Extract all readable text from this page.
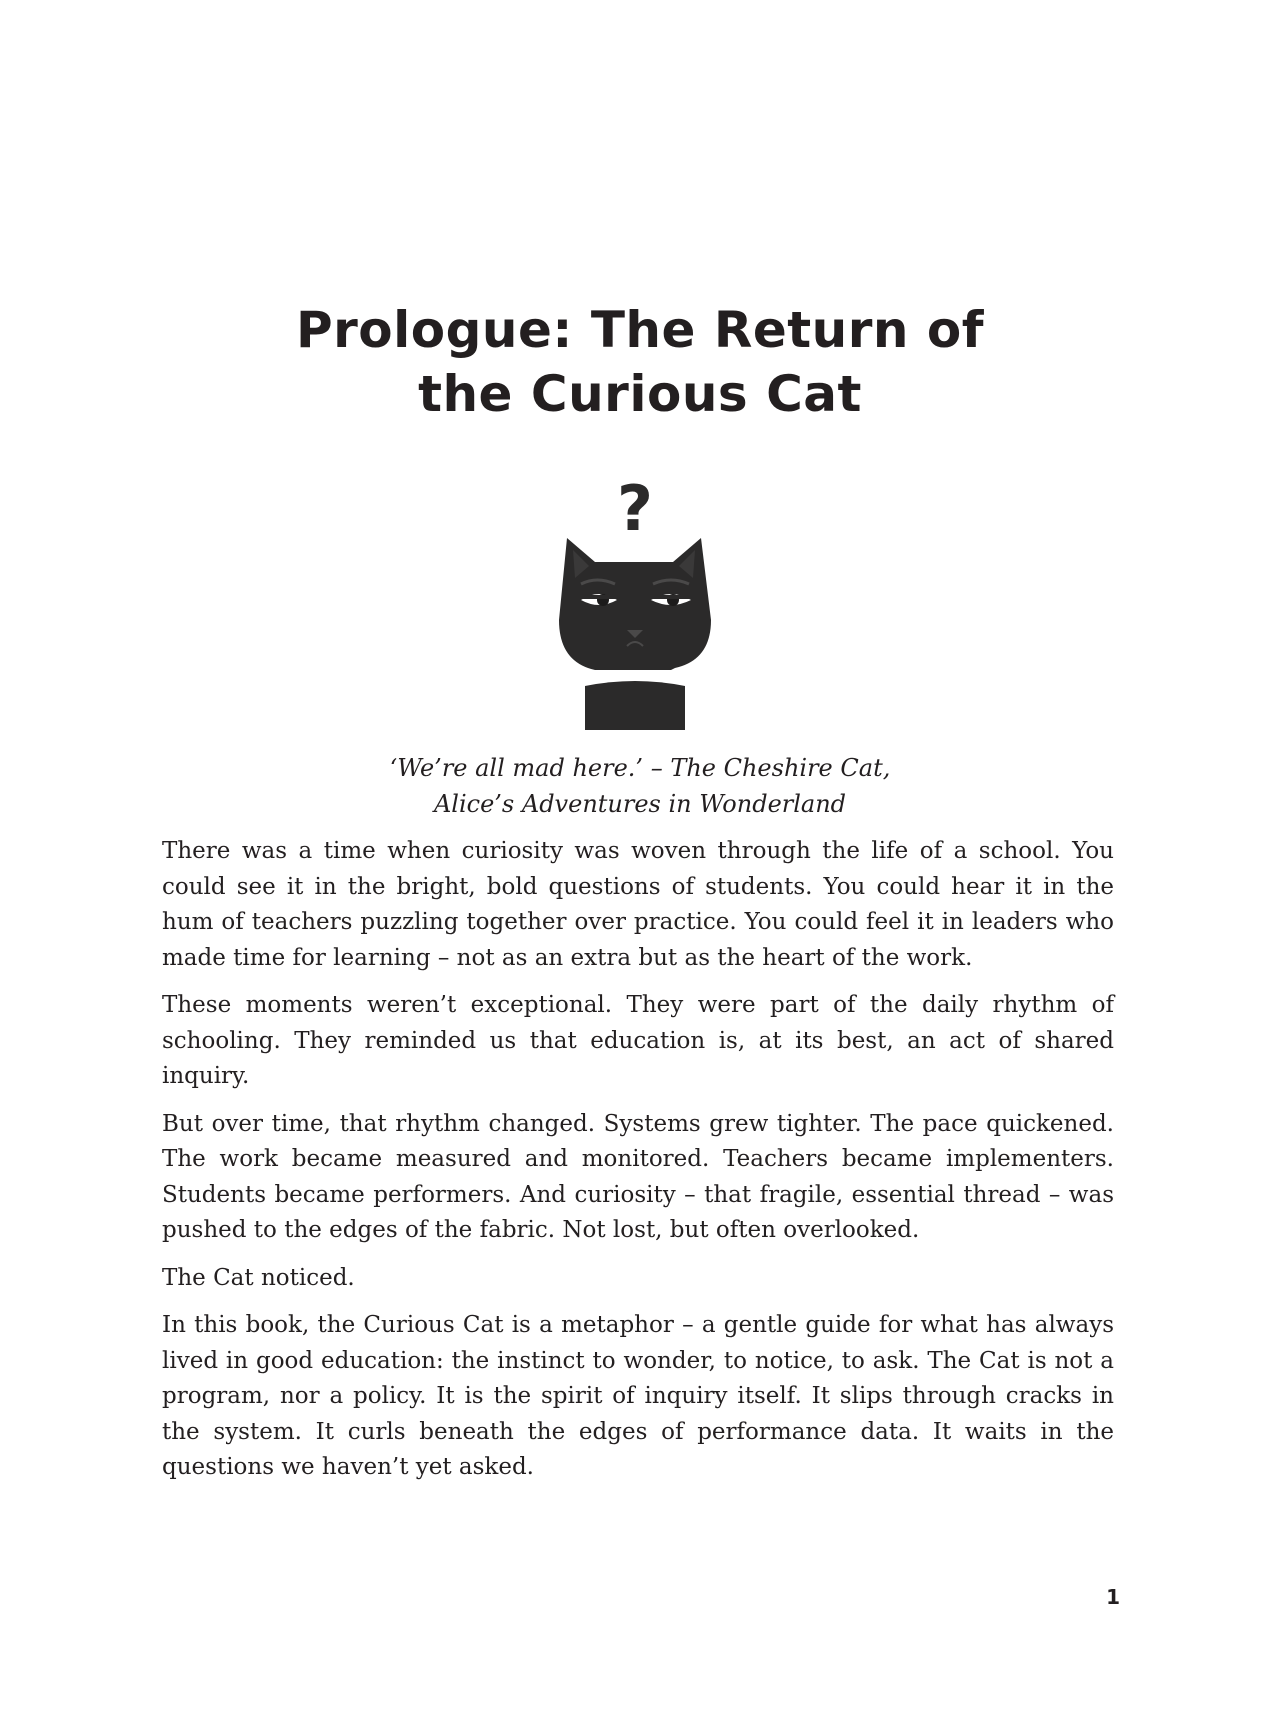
Prologue: The Return of
the Curious Cat
?
‘We’re all mad here.’ – The Cheshire Cat,
Alice’s Adventures in Wonderland

There was a time when curiosity was woven through the life of a school. You could see it in the bright, bold questions of students. You could hear it in the hum of teachers puzzling together over practice. You could feel it in leaders who made time for learning – not as an extra but as the heart of the work.

These moments weren’t exceptional. They were part of the daily rhythm of schooling. They reminded us that education is, at its best, an act of shared inquiry.

But over time, that rhythm changed. Systems grew tighter. The pace quickened. The work became measured and monitored. Teachers became implementers. Students became performers. And curiosity – that fragile, essential thread – was pushed to the edges of the fabric. Not lost, but often overlooked.

The Cat noticed.

In this book, the Curious Cat is a metaphor – a gentle guide for what has always lived in good education: the instinct to wonder, to notice, to ask. The Cat is not a program, nor a policy. It is the spirit of inquiry itself. It slips through cracks in the system. It curls beneath the edges of performance data. It waits in the questions we haven’t yet asked.

1
